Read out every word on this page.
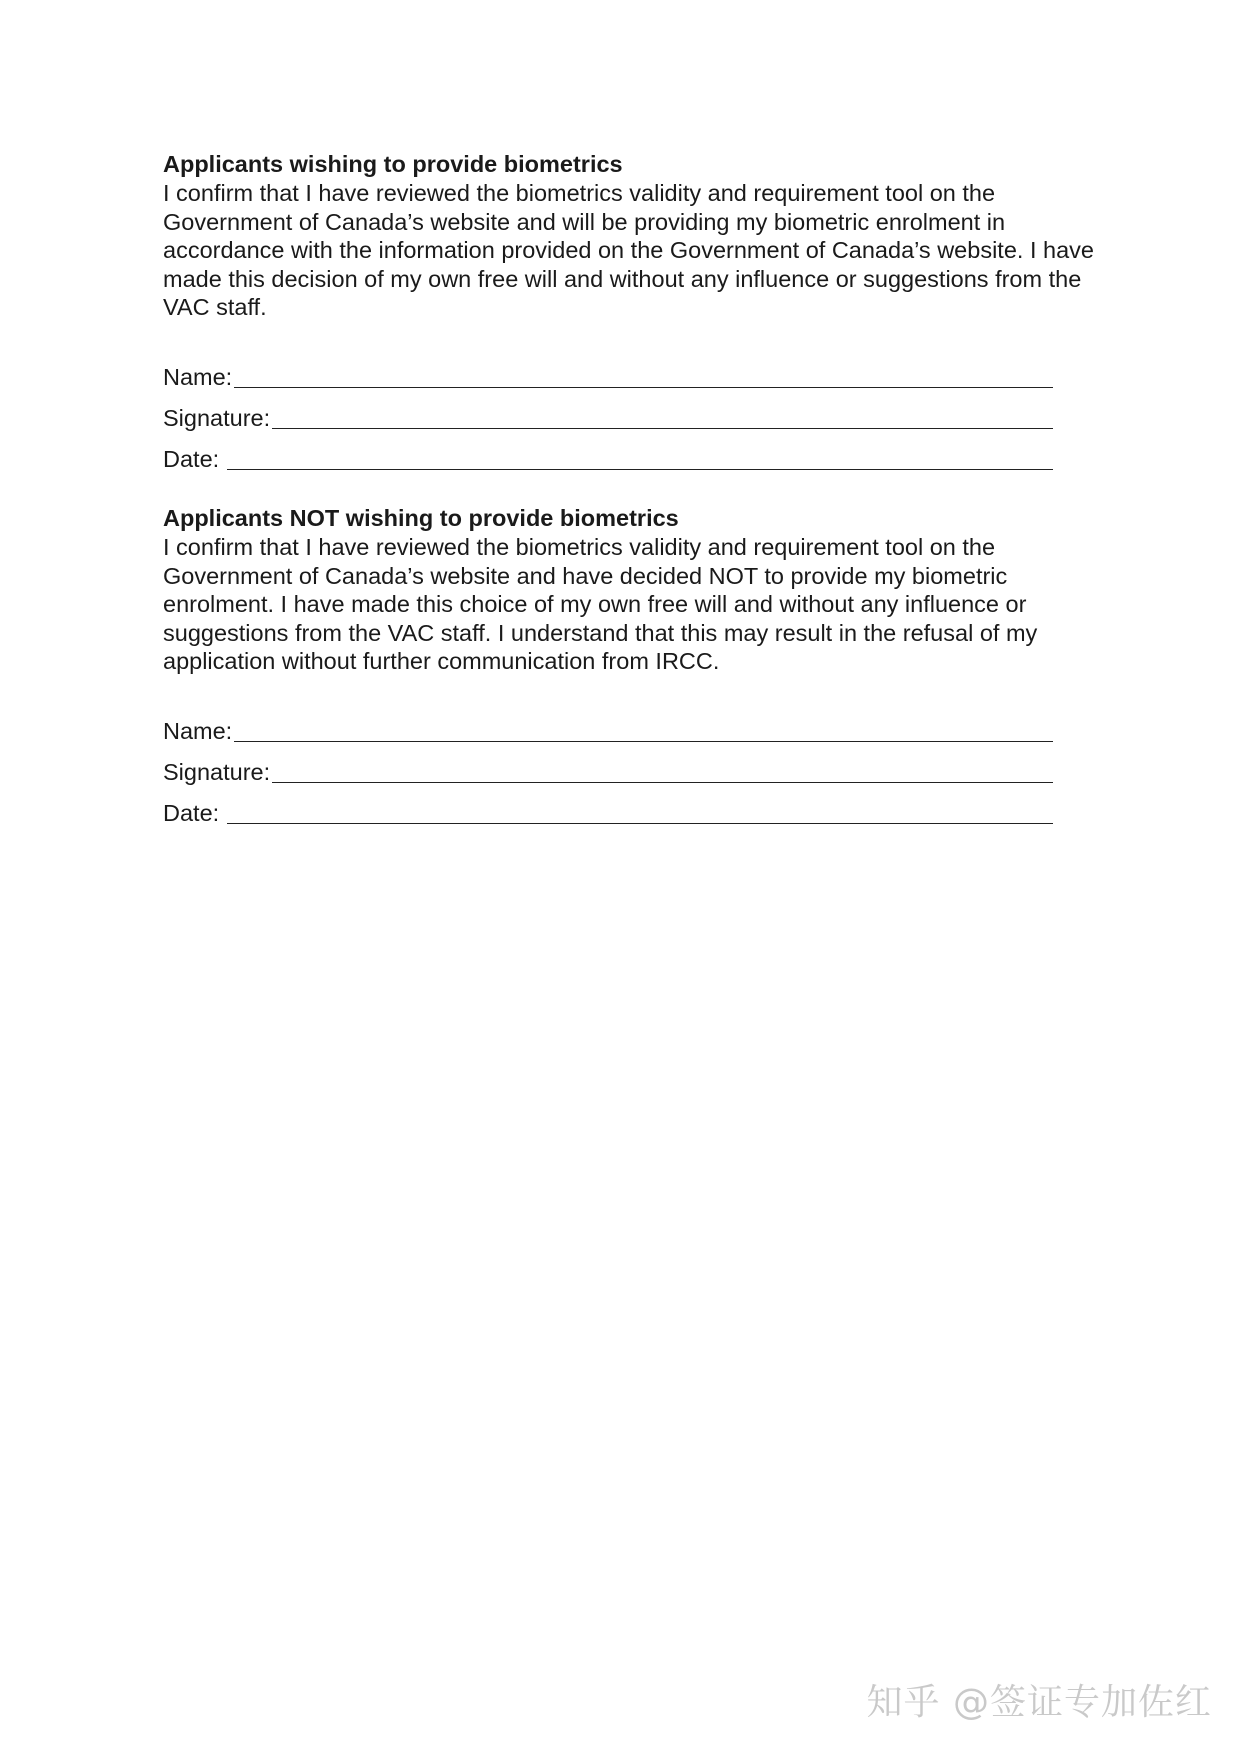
Applicants wishing to provide biometrics

I confirm that I have reviewed the biometrics validity and requirement tool on the Government of Canada’s website and will be providing my biometric enrolment in accordance with the information provided on the Government of Canada’s website. I have made this decision of my own free will and without any influence or suggestions from the VAC staff.

Name:
Signature:
Date:
Applicants NOT wishing to provide biometrics

I confirm that I have reviewed the biometrics validity and requirement tool on the Government of Canada’s website and have decided NOT to provide my biometric enrolment. I have made this choice of my own free will and without any influence or suggestions from the VAC staff. I understand that this may result in the refusal of my application without further communication from IRCC.

Name:
Signature:
Date:
知乎 @签证专加佐红
